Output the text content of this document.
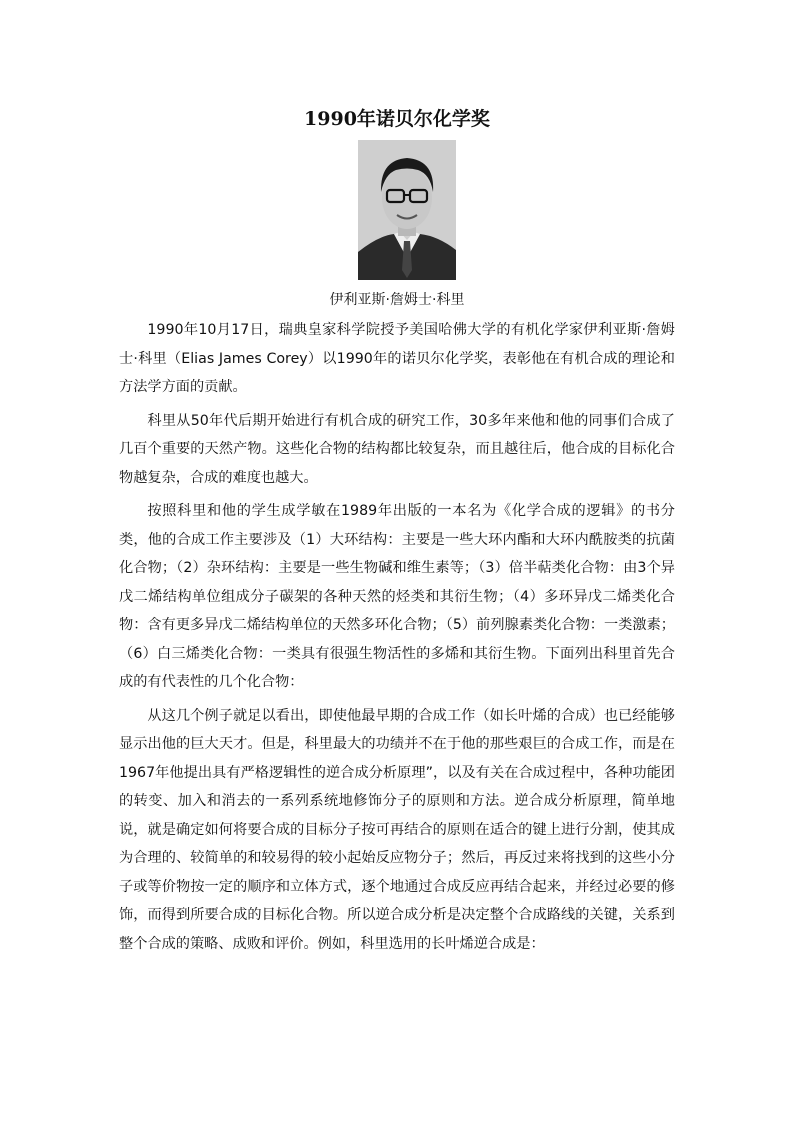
1990年诺贝尔化学奖
伊利亚斯·詹姆士·科里

1990年10月17日，瑞典皇家科学院授予美国哈佛大学的有机化学家伊利亚斯·詹姆士·科里（Elias James Corey）以1990年的诺贝尔化学奖，表彰他在有机合成的理论和方法学方面的贡献。

科里从50年代后期开始进行有机合成的研究工作，30多年来他和他的同事们合成了几百个重要的天然产物。这些化合物的结构都比较复杂，而且越往后，他合成的目标化合物越复杂，合成的难度也越大。

按照科里和他的学生成学敏在1989年出版的一本名为《化学合成的逻辑》的书分类，他的合成工作主要涉及（1）大环结构：主要是一些大环内酯和大环内酰胺类的抗菌化合物；（2）杂环结构：主要是一些生物碱和维生素等；（3）倍半萜类化合物：由3个异戊二烯结构单位组成分子碳架的各种天然的烃类和其衍生物；（4）多环异戊二烯类化合物：含有更多异戊二烯结构单位的天然多环化合物；（5）前列腺素类化合物：一类激素；（6）白三烯类化合物：一类具有很强生物活性的多烯和其衍生物。下面列出科里首先合成的有代表性的几个化合物：

从这几个例子就足以看出，即使他最早期的合成工作（如长叶烯的合成）也已经能够显示出他的巨大天才。但是，科里最大的功绩并不在于他的那些艰巨的合成工作，而是在1967年他提出具有严格逻辑性的逆合成分析原理”，以及有关在合成过程中，各种功能团的转变、加入和消去的一系列系统地修饰分子的原则和方法。逆合成分析原理，简单地说，就是确定如何将要合成的目标分子按可再结合的原则在适合的键上进行分割，使其成为合理的、较简单的和较易得的较小起始反应物分子；然后，再反过来将找到的这些小分子或等价物按一定的顺序和立体方式，逐个地通过合成反应再结合起来，并经过必要的修饰，而得到所要合成的目标化合物。所以逆合成分析是决定整个合成路线的关键，关系到整个合成的策略、成败和评价。例如，科里选用的长叶烯逆合成是：
